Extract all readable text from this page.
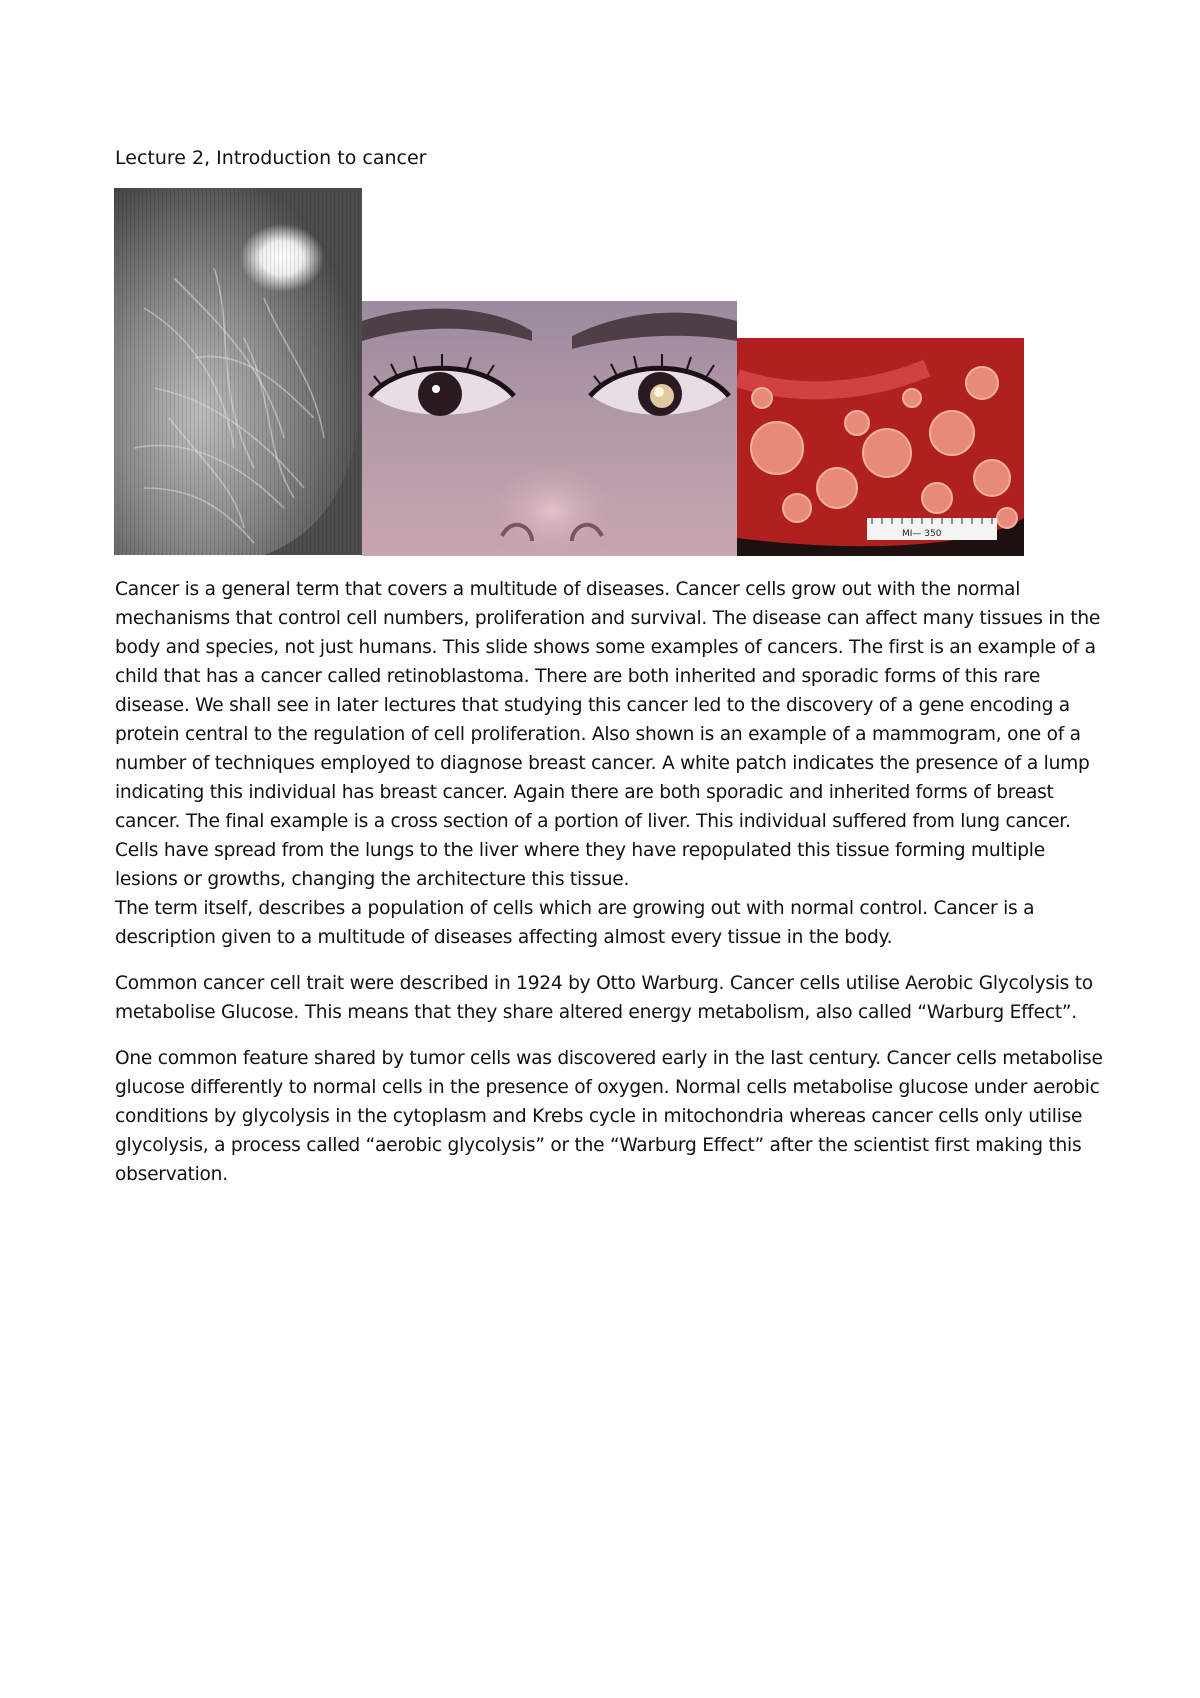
Lecture 2, Introduction to cancer
MI— 350
Cancer is a general term that covers a multitude of diseases. Cancer cells grow out with the normal
mechanisms that control cell numbers, proliferation and survival. The disease can affect many tissues in the
body and species, not just humans. This slide shows some examples of cancers. The first is an example of a
child that has a cancer called retinoblastoma. There are both inherited and sporadic forms of this rare
disease. We shall see in later lectures that studying this cancer led to the discovery of a gene encoding a
protein central to the regulation of cell proliferation. Also shown is an example of a mammogram, one of a
number of techniques employed to diagnose breast cancer. A white patch indicates the presence of a lump
indicating this individual has breast cancer. Again there are both sporadic and inherited forms of breast
cancer. The final example is a cross section of a portion of liver. This individual suffered from lung cancer.
Cells have spread from the lungs to the liver where they have repopulated this tissue forming multiple
lesions or growths, changing the architecture this tissue.
The term itself, describes a population of cells which are growing out with normal control. Cancer is a
description given to a multitude of diseases affecting almost every tissue in the body.
Common cancer cell trait were described in 1924 by Otto Warburg. Cancer cells utilise Aerobic Glycolysis to
metabolise Glucose. This means that they share altered energy metabolism, also called “Warburg Effect”.
One common feature shared by tumor cells was discovered early in the last century. Cancer cells metabolise
glucose differently to normal cells in the presence of oxygen. Normal cells metabolise glucose under aerobic
conditions by glycolysis in the cytoplasm and Krebs cycle in mitochondria whereas cancer cells only utilise
glycolysis, a process called “aerobic glycolysis” or the “Warburg Effect” after the scientist first making this
observation.
